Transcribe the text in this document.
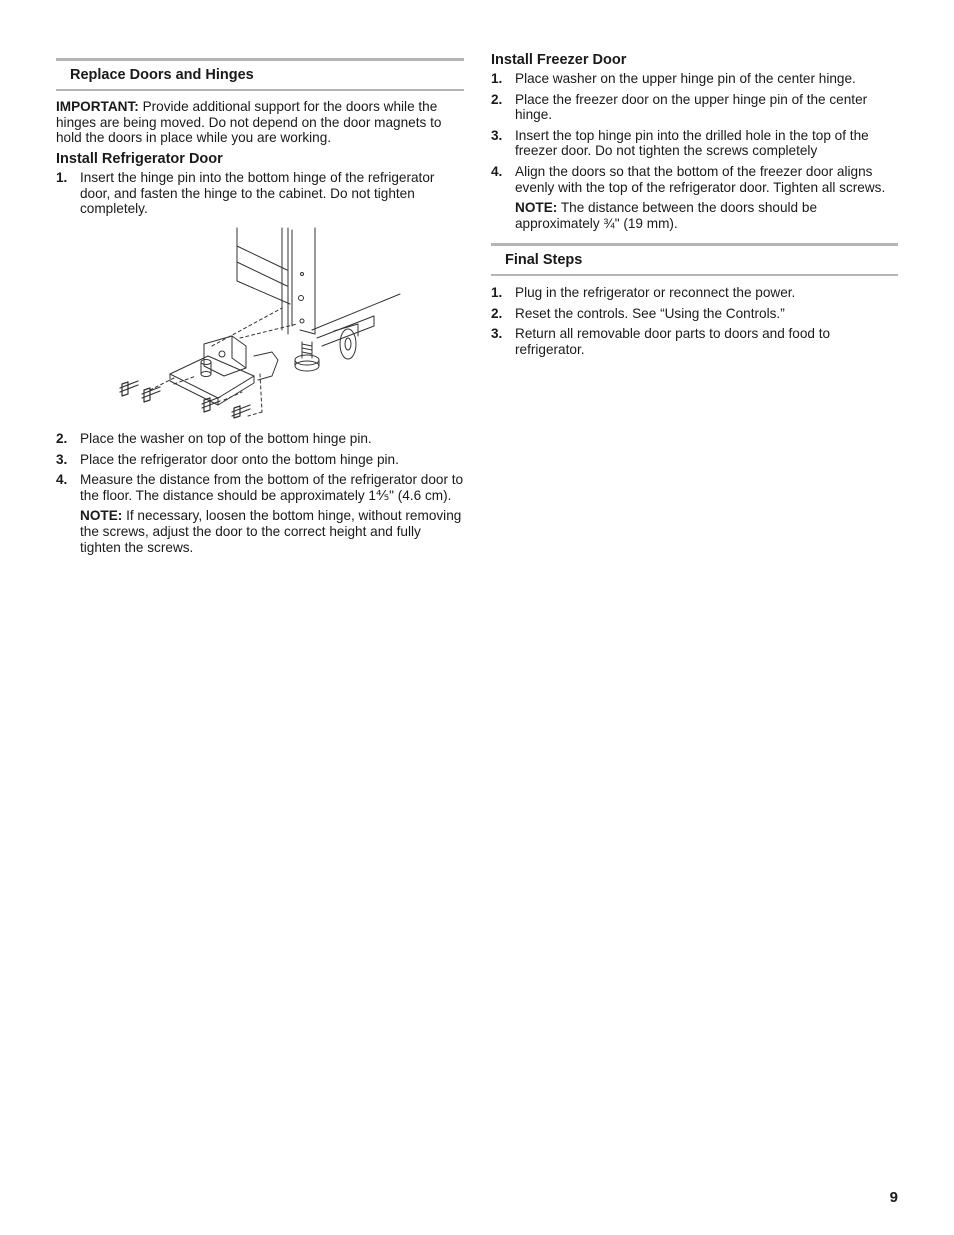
Replace Doors and Hinges

IMPORTANT: Provide additional support for the doors while the hinges are being moved. Do not depend on the door magnets to hold the doors in place while you are working.

Install Refrigerator Door
1. Insert the hinge pin into the bottom hinge of the refrigerator door, and fasten the hinge to the cabinet. Do not tighten completely.
2. Place the washer on top of the bottom hinge pin.
3. Place the refrigerator door onto the bottom hinge pin.
4. Measure the distance from the bottom of the refrigerator door to the floor. The distance should be approximately 1⅘" (4.6 cm).

NOTE: If necessary, loosen the bottom hinge, without removing the screws, adjust the door to the correct height and fully tighten the screws.

Install Freezer Door
1. Place washer on the upper hinge pin of the center hinge.
2. Place the freezer door on the upper hinge pin of the center hinge.
3. Insert the top hinge pin into the drilled hole in the top of the freezer door. Do not tighten the screws completely
4. Align the doors so that the bottom of the freezer door aligns evenly with the top of the refrigerator door. Tighten all screws.

NOTE: The distance between the doors should be approximately ¾" (19 mm).

Final Steps
1. Plug in the refrigerator or reconnect the power.
2. Reset the controls. See “Using the Controls.”
3. Return all removable door parts to doors and food to refrigerator.
9
